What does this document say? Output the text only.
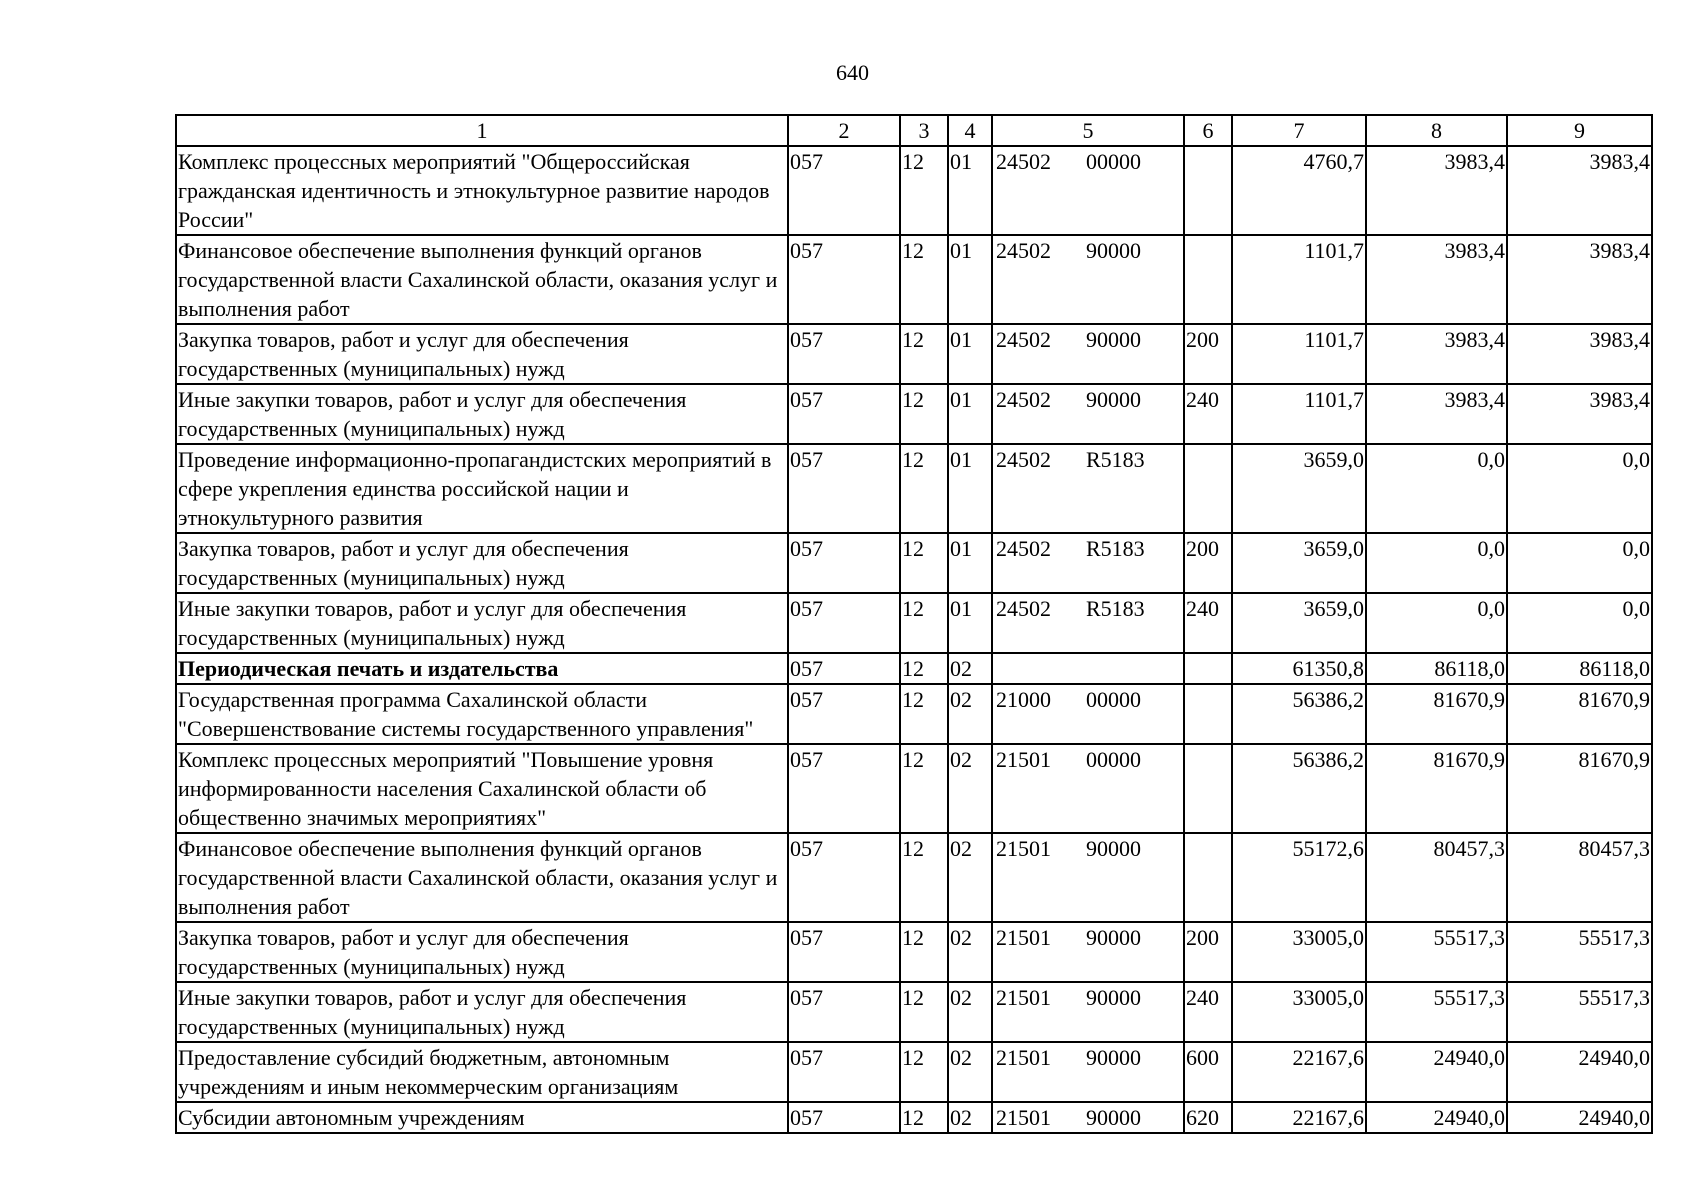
640
1	2	3	4	5	6	7	8	9
Комплекс процессных мероприятий "Общероссийская гражданская идентичность и этнокультурное развитие народов России"	057	12	01	24502 00000		4760,7	3983,4	3983,4
Финансовое обеспечение выполнения функций органов государственной власти Сахалинской области, оказания услуг и выполнения работ	057	12	01	24502 90000		1101,7	3983,4	3983,4
Закупка товаров, работ и услуг для обеспечения государственных (муниципальных) нужд	057	12	01	24502 90000	200	1101,7	3983,4	3983,4
Иные закупки товаров, работ и услуг для обеспечения государственных (муниципальных) нужд	057	12	01	24502 90000	240	1101,7	3983,4	3983,4
Проведение информационно-пропагандистских мероприятий в сфере укрепления единства российской нации и этнокультурного развития	057	12	01	24502 R5183		3659,0	0,0	0,0
Закупка товаров, работ и услуг для обеспечения государственных (муниципальных) нужд	057	12	01	24502 R5183	200	3659,0	0,0	0,0
Иные закупки товаров, работ и услуг для обеспечения государственных (муниципальных) нужд	057	12	01	24502 R5183	240	3659,0	0,0	0,0
Периодическая печать и издательства	057	12	02			61350,8	86118,0	86118,0
Государственная программа Сахалинской области "Совершенствование системы государственного управления"	057	12	02	21000 00000		56386,2	81670,9	81670,9
Комплекс процессных мероприятий "Повышение уровня информированности населения Сахалинской области об общественно значимых мероприятиях"	057	12	02	21501 00000		56386,2	81670,9	81670,9
Финансовое обеспечение выполнения функций органов государственной власти Сахалинской области, оказания услуг и выполнения работ	057	12	02	21501 90000		55172,6	80457,3	80457,3
Закупка товаров, работ и услуг для обеспечения государственных (муниципальных) нужд	057	12	02	21501 90000	200	33005,0	55517,3	55517,3
Иные закупки товаров, работ и услуг для обеспечения государственных (муниципальных) нужд	057	12	02	21501 90000	240	33005,0	55517,3	55517,3
Предоставление субсидий бюджетным, автономным учреждениям и иным некоммерческим организациям	057	12	02	21501 90000	600	22167,6	24940,0	24940,0
Субсидии автономным учреждениям	057	12	02	21501 90000	620	22167,6	24940,0	24940,0
